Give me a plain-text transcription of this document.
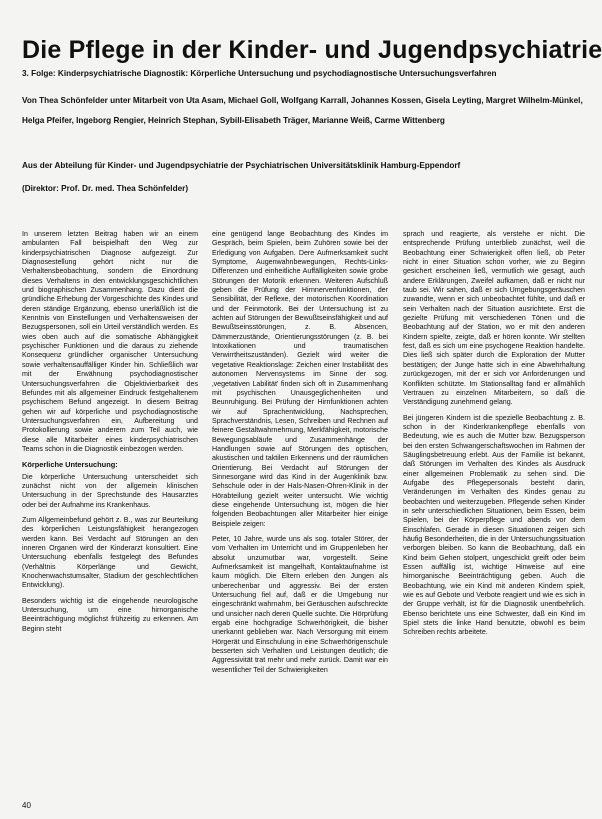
Die Pflege in der Kinder- und Jugendpsychiatrie
3. Folge: Kinderpsychiatrische Diagnostik: Körperliche Untersuchung und psychodiagnostische Untersuchungsverfahren
Von Thea Schönfelder unter Mitarbeit von Uta Asam, Michael Goll, Wolfgang Karrall, Johannes Kossen, Gisela Leyting, Margret Wilhelm-Münkel, Helga Pfeifer, Ingeborg Rengier, Heinrich Stephan, Sybill-Elisabeth Träger, Marianne Weiß, Carme Wittenberg
Aus der Abteilung für Kinder- und Jugendpsychiatrie der Psychiatrischen Universitätsklinik Hamburg-Eppendorf
(Direktor: Prof. Dr. med. Thea Schönfelder)

In unserem letzten Beitrag haben wir an einem ambulanten Fall beispielhaft den Weg zur kinderpsychiatrischen Diagnose aufgezeigt. Zur Diagnosestellung gehört nicht nur die Verhaltensbeobachtung, sondern die Einordnung dieses Verhaltens in den entwicklungsgeschichtlichen und biographischen Zusammenhang. Dazu dient die gründliche Erhebung der Vorgeschichte des Kindes und deren ständige Ergänzung, ebenso unerläßlich ist die Kenntnis von Einstellungen und Verhaltensweisen der Bezugspersonen, soll ein Urteil verständlich werden. Es wies oben auch auf die somatische Abhängigkeit psychischer Funktionen und die daraus zu ziehende Konsequenz gründlicher organischer Untersuchung sowie verhaltensauffälliger Kinder hin. Schließlich war mit der Erwähnung psychodiagnostischer Untersuchungsverfahren die Objektivierbarkeit des Befundes mit als allgemeiner Eindruck festgehaltenem psychischem Befund angezeigt. In diesem Beitrag gehen wir auf körperliche und psychodiagnostische Untersuchungsverfahren ein, Aufbereitung und Protokollierung sowie anderem zum Teil auch, wie diese alle Mitarbeiter eines kinderpsychiatrischen Teams schon in die Diagnostik einbezogen werden.

Körperliche Untersuchung:

Die körperliche Untersuchung unterscheidet sich zunächst nicht von der allgemein klinischen Untersuchung in der Sprechstunde des Hausarztes oder bei der Aufnahme ins Krankenhaus.

Zum Allgemeinbefund gehört z. B., was zur Beurteilung des körperlichen Leistungsfähigkeit herangezogen werden kann. Bei Verdacht auf Störungen an den inneren Organen wird der Kinderarzt konsultiert. Eine Untersuchung ebenfalls festgelegt des Befundes (Verhältnis Körperlänge und Gewicht, Knochenwachstumsalter, Stadium der geschlechtlichen Entwicklung).

Besonders wichtig ist die eingehende neurologische Untersuchung, um eine hirnorganische Beeinträchtigung möglichst frühzeitig zu erkennen. Am Beginn steht

eine genügend lange Beobachtung des Kindes im Gespräch, beim Spielen, beim Zuhören sowie bei der Erledigung von Aufgaben. Dere Aufmerksamkeit sucht Symptome, Augenwahnbewegungen, Rechts-Links-Differenzen und einheitliche Auffälligkeiten sowie grobe Störungen der Motorik erkennen. Weiteren Aufschluß geben die Prüfung der Hirnnervenfunktionen, der Sensibilität, der Reflexe, der motorischen Koordination und der Feinmotorik. Bei der Untersuchung ist zu achten auf Störungen der Bewußtseinsfähigkeit und auf Bewußtseinsstörungen, z. B. Absencen, Dämmerzustände, Orientierungsstörungen (z. B. bei Intoxikationen und traumatischen Verwirrtheitszuständen). Gezielt wird weiter die vegetative Reaktionslage: Zeichen einer Instabilität des autonomen Nervensystems im Sinne der sog. ‚vegetativen Labilität' finden sich oft in Zusammenhang mit psychischen Unausgeglichenheiten und Beunruhigung. Bei Prüfung der Hirnfunktionen achten wir auf Sprachentwicklung, Nachsprechen, Sprachverständnis, Lesen, Schreiben und Rechnen auf feinere Gestaltwahrnehmung, Merkfähigkeit, motorische Bewegungsabläufe und Zusammenhänge der Handlungen sowie auf Störungen des optischen, akustischen und taktilen Erkennens und der räumlichen Orientierung. Bei Verdacht auf Störungen der Sinnesorgane wird das Kind in der Augenklinik bzw. Sehschule oder in der Hals-Nasen-Ohren-Klinik in der Hörabteilung gezielt weiter untersucht. Wie wichtig diese eingehende Untersuchung ist, mögen die hier folgenden Beobachtungen aller Mitarbeiter hier einige Beispiele zeigen:

Peter, 10 Jahre, wurde uns als sog. totaler Störer, der vom Verhalten im Unterricht und im Gruppenleben her absolut unzumutbar war, vorgestellt. Seine Aufmerksamkeit ist mangelhaft, Kontaktaufnahme ist kaum möglich. Die Eltern erleben den Jungen als unberechenbar und aggressiv. Bei der ersten Untersuchung fiel auf, daß er die Umgebung nur eingeschränkt wahrnahm, bei Geräuschen aufschreckte und unsicher nach deren Quelle suchte. Die Hörprüfung ergab eine hochgradige Schwerhörigkeit, die bisher unerkannt geblieben war. Nach Versorgung mit einem Hörgerät und Einschulung in eine Schwerhörigenschule besserten sich Verhalten und Leistungen deutlich; die Aggressivität trat mehr und mehr zurück. Damit war ein wesentlicher Teil der Schwierigkeiten

sprach und reagierte, als verstehe er nicht. Die entsprechende Prüfung unterblieb zunächst, weil die Beobachtung einer Schwierigkeit offen ließ, ob Peter nicht in einer Situation schon vorher, wie zu Beginn gesichert erscheinen ließ, vermutlich wie gesagt, auch andere Erklärungen, Zweifel aufkamen, daß er nicht nur taub sei. Wir sahen, daß er sich Umgebungsgeräuschen zuwandte, wenn er sich unbeobachtet fühlte, und daß er sein Verhalten nach der Situation ausrichtete. Erst die gezielte Prüfung mit verschiedenen Tönen und die Beobachtung auf der Station, wo er mit den anderen Kindern spielte, zeigte, daß er hören konnte. Wir stellten fest, daß es sich um eine psychogene Reaktion handelte. Dies ließ sich später durch die Exploration der Mutter bestätigen; der Junge hatte sich in eine Abwehrhaltung zurückgezogen, mit der er sich vor Anforderungen und Konflikten schützte. Im Stationsalltag fand er allmählich Vertrauen zu einzelnen Mitarbeitern, so daß die Verständigung zunehmend gelang.

Bei jüngeren Kindern ist die spezielle Beobachtung z. B. schon in der Kinderkrankenpflege ebenfalls von Bedeutung, wie es auch die Mutter bzw. Bezugsperson bei den ersten Schwangerschaftswochen im Rahmen der Säuglingsbetreuung erlebt. Aus der Familie ist bekannt, daß Störungen im Verhalten des Kindes als Ausdruck einer allgemeinen Problematik zu sehen sind. Die Aufgabe des Pflegepersonals besteht darin, Veränderungen im Verhalten des Kindes genau zu beobachten und weiterzugeben. Pflegende sehen Kinder in sehr unterschiedlichen Situationen, beim Essen, beim Spielen, bei der Körperpflege und abends vor dem Einschlafen. Gerade in diesen Situationen zeigen sich häufig Besonderheiten, die in der Untersuchungssituation verborgen bleiben. So kann die Beobachtung, daß ein Kind beim Gehen stolpert, ungeschickt greift oder beim Essen auffällig ist, wichtige Hinweise auf eine hirnorganische Beeinträchtigung geben. Auch die Beobachtung, wie ein Kind mit anderen Kindern spielt, wie es auf Gebote und Verbote reagiert und wie es sich in der Gruppe verhält, ist für die Diagnostik unentbehrlich. Ebenso berichtete uns eine Schwester, daß ein Kind im Spiel stets die linke Hand benutzte, obwohl es beim Schreiben rechts arbeitete.

40
